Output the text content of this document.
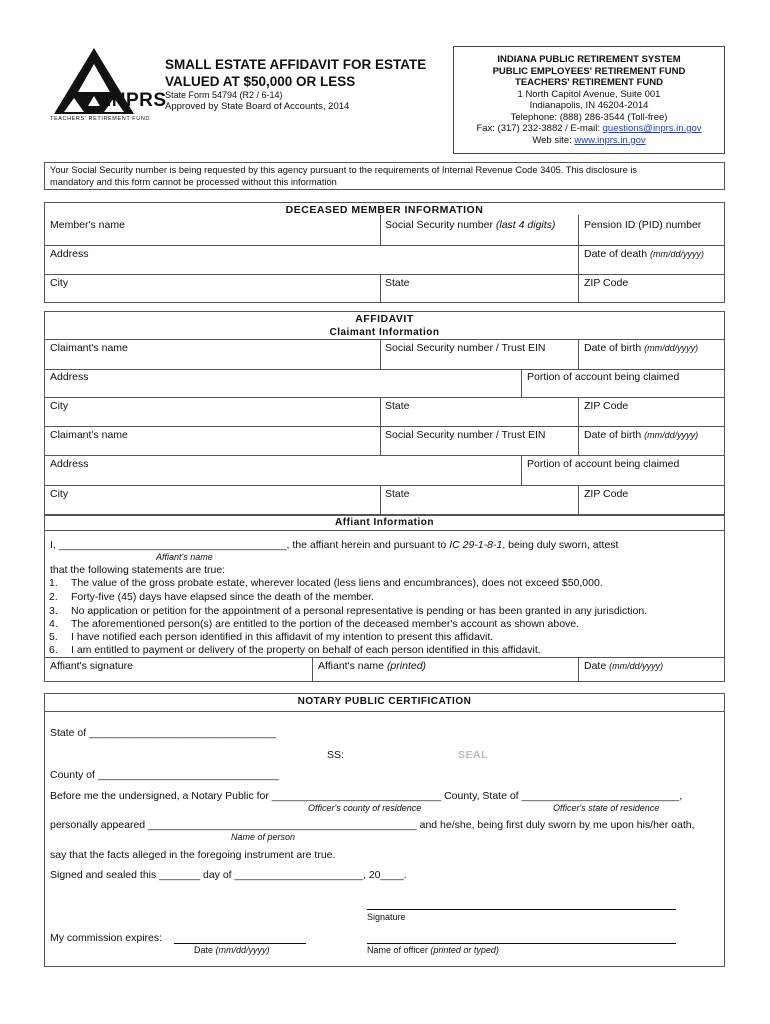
INPRS
TEACHERS' RETIREMENT FUND
SMALL ESTATE AFFIDAVIT FOR ESTATE
VALUED AT $50,000 OR LESS
State Form 54794 (R2 / 6-14)
Approved by State Board of Accounts, 2014
INDIANA PUBLIC RETIREMENT SYSTEM
PUBLIC EMPLOYEES' RETIREMENT FUND
TEACHERS' RETIREMENT FUND
1 North Capitol Avenue, Suite 001
Indianapolis, IN 46204-2014
Telephone: (888) 286-3544 (Toll-free)
Fax: (317) 232-3882 / E-mail: questions@inprs.in.gov
Web site: www.inprs.in.gov
Your Social Security number is being requested by this agency pursuant to the requirements of Internal Revenue Code 3405. This disclosure is
mandatory and this form cannot be processed without this information
DECEASED MEMBER INFORMATION
Member's name	Social Security number (last 4 digits)	Pension ID (PID) number
Address	Date of death (mm/dd/yyyy)
City	State	ZIP Code
AFFIDAVIT
Claimant Information
Claimant's name	Social Security number / Trust EIN	Date of birth (mm/dd/yyyy)
Address	Portion of account being claimed
City	State	ZIP Code
Claimant's name	Social Security number / Trust EIN	Date of birth (mm/dd/yyyy)
Address	Portion of account being claimed
City	State	ZIP Code
Affiant Information
I, _______________________________________, the affiant herein and pursuant to IC 29-1-8-1, being duly sworn, attest
Affiant's name
that the following statements are true:
1. The value of the gross probate estate, wherever located (less liens and encumbrances), does not exceed $50,000.
2. Forty-five (45) days have elapsed since the death of the member.
3. No application or petition for the appointment of a personal representative is pending or has been granted in any jurisdiction.
4. The aforementioned person(s) are entitled to the portion of the deceased member's account as shown above.
5. I have notified each person identified in this affidavit of my intention to present this affidavit.
6. I am entitled to payment or delivery of the property on behalf of each person identified in this affidavit.
Affiant's signature	Affiant's name (printed)	Date (mm/dd/yyyy)
NOTARY PUBLIC CERTIFICATION
State of ________________________________
SS:	SEAL
County of _______________________________
Before me the undersigned, a Notary Public for _____________________________ County, State of ___________________________,
Officer's county of residence	Officer's state of residence
personally appeared ______________________________________________ and he/she, being first duly sworn by me upon his/her oath,
Name of person
say that the facts alleged in the foregoing instrument are true.
Signed and sealed this _______ day of ______________________, 20____.
Signature
My commission expires:
Date (mm/dd/yyyy)	Name of officer (printed or typed)
